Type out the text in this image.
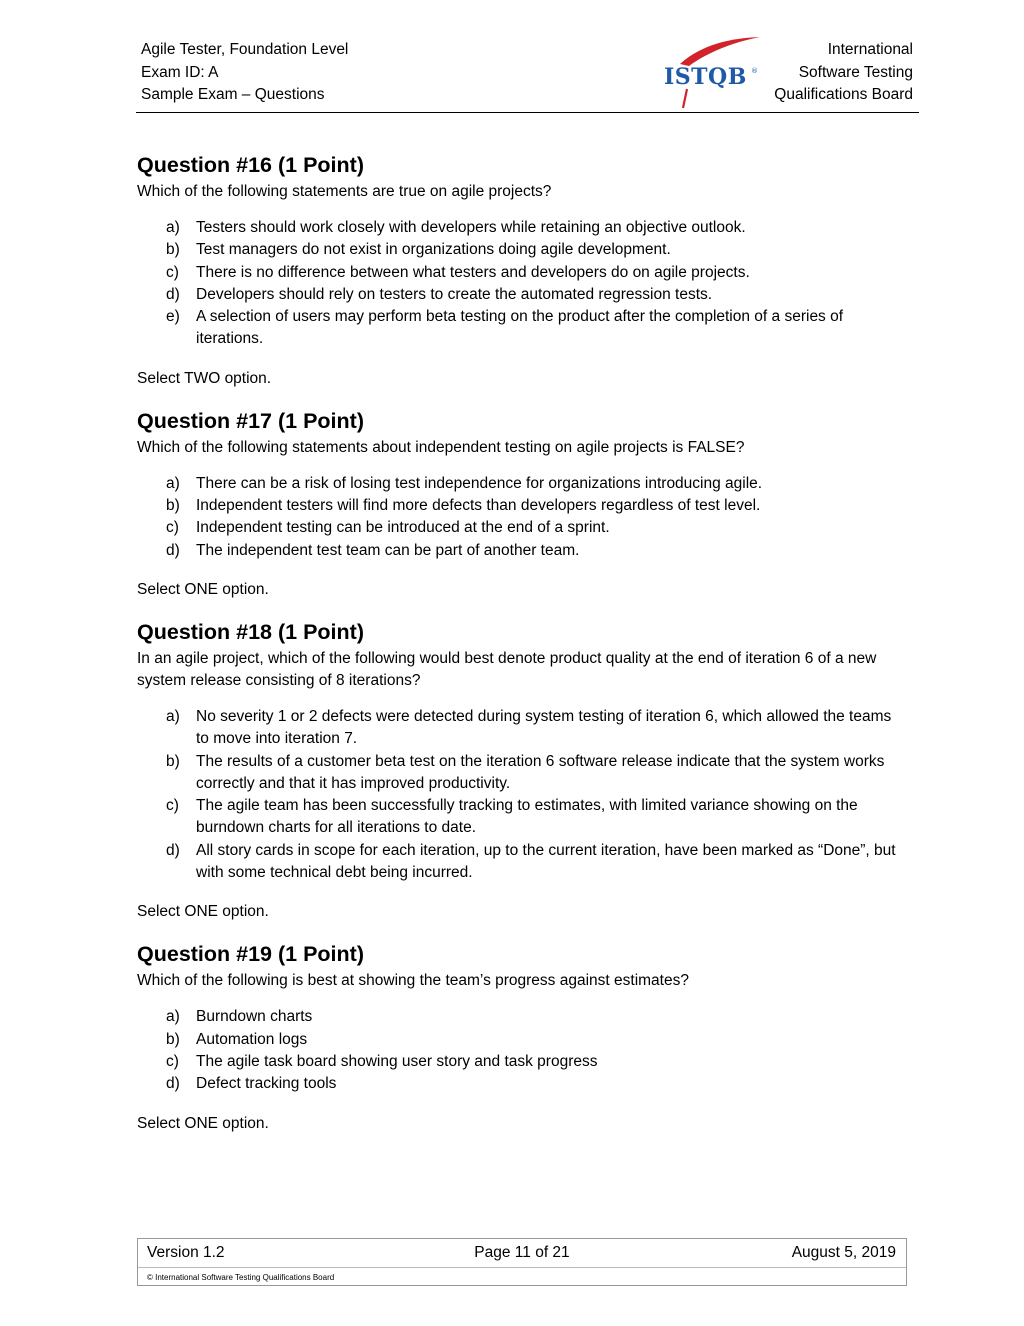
Agile Tester, Foundation Level
Exam ID: A
Sample Exam – Questions
ISTQB ®
International
Software Testing
Qualifications Board
Question #16 (1 Point)

Which of the following statements are true on agile projects?

a)	Testers should work closely with developers while retaining an objective outlook.
b)	Test managers do not exist in organizations doing agile development.
c)	There is no difference between what testers and developers do on agile projects.
d)	Developers should rely on testers to create the automated regression tests.
e)	A selection of users may perform beta testing on the product after the completion of a series of iterations.

Select TWO option.

Question #17 (1 Point)

Which of the following statements about independent testing on agile projects is FALSE?

a)	There can be a risk of losing test independence for organizations introducing agile.
b)	Independent testers will find more defects than developers regardless of test level.
c)	Independent testing can be introduced at the end of a sprint.
d)	The independent test team can be part of another team.

Select ONE option.

Question #18 (1 Point)

In an agile project, which of the following would best denote product quality at the end of iteration 6 of a new system release consisting of 8 iterations?

a)	No severity 1 or 2 defects were detected during system testing of iteration 6, which allowed the teams to move into iteration 7.
b)	The results of a customer beta test on the iteration 6 software release indicate that the system works correctly and that it has improved productivity.
c)	The agile team has been successfully tracking to estimates, with limited variance showing on the burndown charts for all iterations to date.
d)	All story cards in scope for each iteration, up to the current iteration, have been marked as “Done”, but with some technical debt being incurred.

Select ONE option.

Question #19 (1 Point)

Which of the following is best at showing the team’s progress against estimates?

a)	Burndown charts
b)	Automation logs
c)	The agile task board showing user story and task progress
d)	Defect tracking tools

Select ONE option.

Version 1.2	Page 11 of 21	August 5, 2019
© International Software Testing Qualifications Board
